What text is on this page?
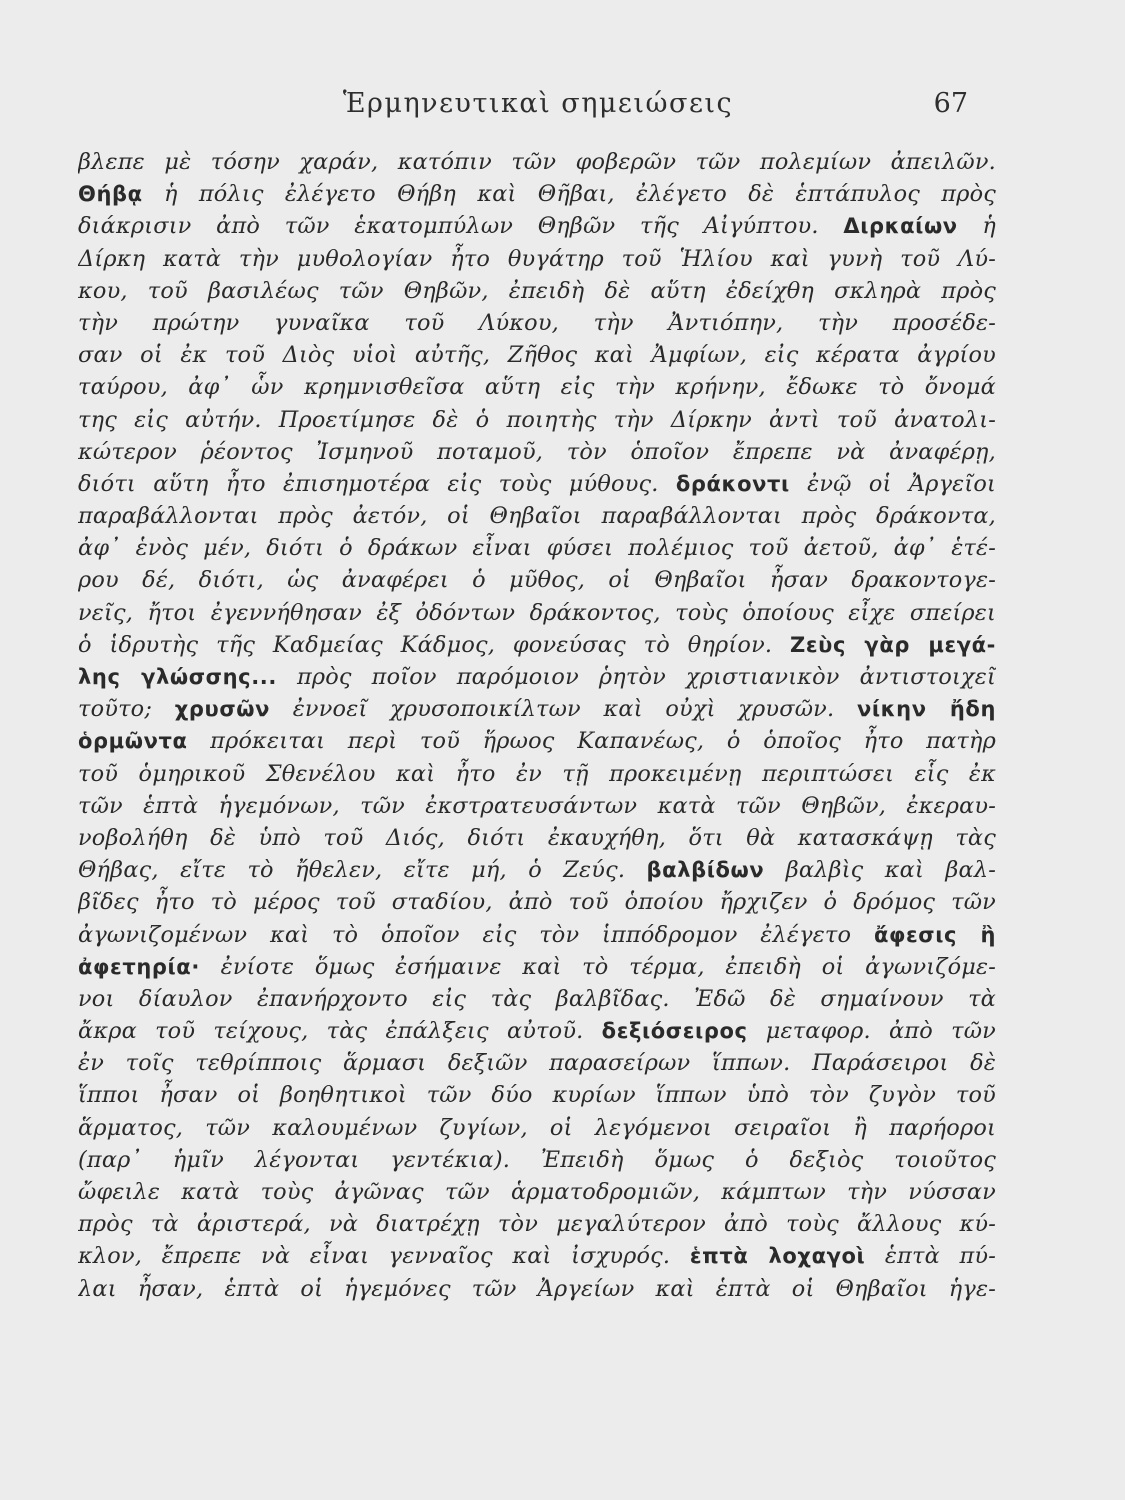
Ἑρμηνευτικαὶ σημειώσεις	67
βλεπε μὲ τόσην χαράν, κατόπιν τῶν φοβερῶν τῶν πολεμίων ἀπειλῶν.
Θήβᾳ ἡ πόλις ἐλέγετο Θήβη καὶ Θῆβαι, ἐλέγετο δὲ ἑπτάπυλος πρὸς
διάκρισιν ἀπὸ τῶν ἑκατομπύλων Θηβῶν τῆς Αἰγύπτου. Διρκαίων ἡ
Δίρκη κατὰ τὴν μυθολογίαν ἦτο θυγάτηρ τοῦ Ἡλίου καὶ γυνὴ τοῦ Λύ-
κου, τοῦ βασιλέως τῶν Θηβῶν, ἐπειδὴ δὲ αὕτη ἐδείχθη σκληρὰ πρὸς
τὴν πρώτην γυναῖκα τοῦ Λύκου, τὴν Ἀντιόπην, τὴν προσέδε-
σαν οἱ ἐκ τοῦ Διὸς υἱοὶ αὐτῆς, Ζῆθος καὶ Ἀμφίων, εἰς κέρατα ἀγρίου
ταύρου, ἀφ᾽ ὧν κρημνισθεῖσα αὕτη εἰς τὴν κρήνην, ἔδωκε τὸ ὄνομά
της εἰς αὐτήν. Προετίμησε δὲ ὁ ποιητὴς τὴν Δίρκην ἀντὶ τοῦ ἀνατολι-
κώτερον ῥέοντος Ἰσμηνοῦ ποταμοῦ, τὸν ὁποῖον ἔπρεπε νὰ ἀναφέρῃ,
διότι αὕτη ἦτο ἐπισημοτέρα εἰς τοὺς μύθους. δράκοντι ἐνῷ οἱ Ἀργεῖοι
παραβάλλονται πρὸς ἀετόν, οἱ Θηβαῖοι παραβάλλονται πρὸς δράκοντα,
ἀφ᾽ ἑνὸς μέν, διότι ὁ δράκων εἶναι φύσει πολέμιος τοῦ ἀετοῦ, ἀφ᾽ ἑτέ-
ρου δέ, διότι, ὡς ἀναφέρει ὁ μῦθος, οἱ Θηβαῖοι ἦσαν δρακοντογε-
νεῖς, ἤτοι ἐγεννήθησαν ἐξ ὀδόντων δράκοντος, τοὺς ὁποίους εἶχε σπείρει
ὁ ἱδρυτὴς τῆς Καδμείας Κάδμος, φονεύσας τὸ θηρίον. Ζεὺς γὰρ μεγά-
λης γλώσσης... πρὸς ποῖον παρόμοιον ῥητὸν χριστιανικὸν ἀντιστοιχεῖ
τοῦτο; χρυσῶν ἐννοεῖ χρυσοποικίλτων καὶ οὐχὶ χρυσῶν. νίκην ἤδη
ὁρμῶντα πρόκειται περὶ τοῦ ἥρωος Καπανέως, ὁ ὁποῖος ἦτο πατὴρ
τοῦ ὁμηρικοῦ Σθενέλου καὶ ἦτο ἐν τῇ προκειμένῃ περιπτώσει εἷς ἐκ
τῶν ἑπτὰ ἡγεμόνων, τῶν ἐκστρατευσάντων κατὰ τῶν Θηβῶν, ἐκεραυ-
νοβολήθη δὲ ὑπὸ τοῦ Διός, διότι ἐκαυχήθη, ὅτι θὰ κατασκάψῃ τὰς
Θήβας, εἴτε τὸ ἤθελεν, εἴτε μή, ὁ Ζεύς. βαλβίδων βαλβὶς καὶ βαλ-
βῖδες ἦτο τὸ μέρος τοῦ σταδίου, ἀπὸ τοῦ ὁποίου ἤρχιζεν ὁ δρόμος τῶν
ἀγωνιζομένων καὶ τὸ ὁποῖον εἰς τὸν ἱππόδρομον ἐλέγετο ἄφεσις ἢ
ἀφετηρία· ἐνίοτε ὅμως ἐσήμαινε καὶ τὸ τέρμα, ἐπειδὴ οἱ ἀγωνιζόμε-
νοι δίαυλον ἐπανήρχοντο εἰς τὰς βαλβῖδας. Ἐδῶ δὲ σημαίνουν τὰ
ἄκρα τοῦ τείχους, τὰς ἐπάλξεις αὐτοῦ. δεξιόσειρος μεταφορ. ἀπὸ τῶν
ἐν τοῖς τεθρίπποις ἅρμασι δεξιῶν παρασείρων ἵππων. Παράσειροι δὲ
ἵπποι ἦσαν οἱ βοηθητικοὶ τῶν δύο κυρίων ἵππων ὑπὸ τὸν ζυγὸν τοῦ
ἅρματος, τῶν καλουμένων ζυγίων, οἱ λεγόμενοι σειραῖοι ἢ παρήοροι
(παρ᾽ ἡμῖν λέγονται γεντέκια). Ἐπειδὴ ὅμως ὁ δεξιὸς τοιοῦτος
ὤφειλε κατὰ τοὺς ἀγῶνας τῶν ἁρματοδρομιῶν, κάμπτων τὴν νύσσαν
πρὸς τὰ ἀριστερά, νὰ διατρέχῃ τὸν μεγαλύτερον ἀπὸ τοὺς ἄλλους κύ-
κλον, ἔπρεπε νὰ εἶναι γενναῖος καὶ ἰσχυρός. ἑπτὰ λοχαγοὶ ἑπτὰ πύ-
λαι ἦσαν, ἑπτὰ οἱ ἡγεμόνες τῶν Ἀργείων καὶ ἑπτὰ οἱ Θηβαῖοι ἡγε-
